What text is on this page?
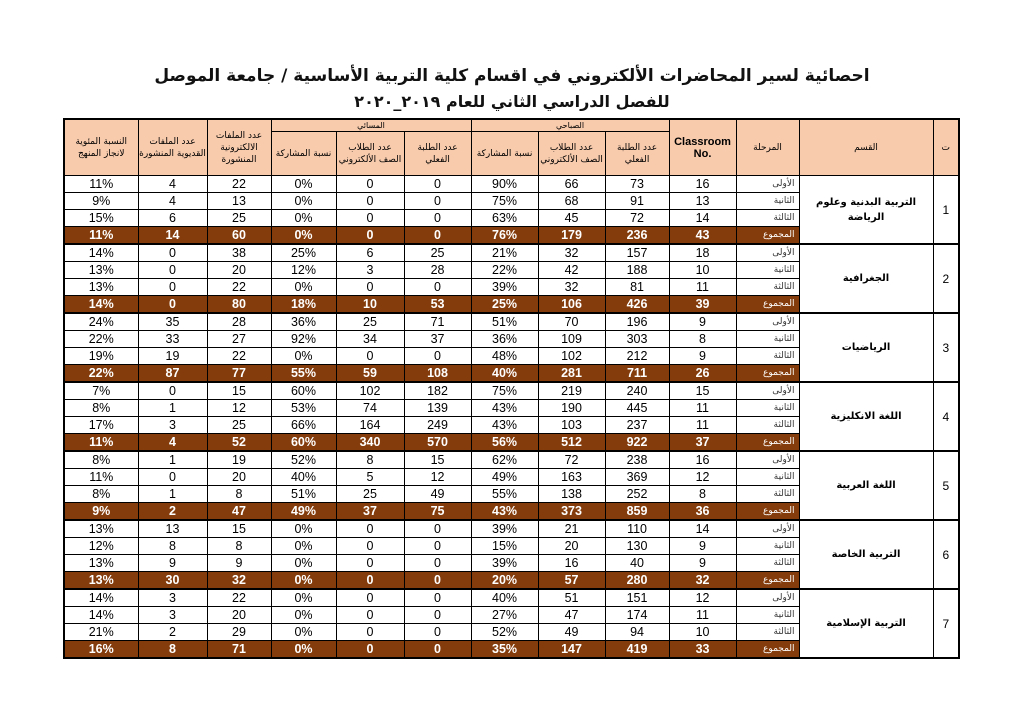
احصائية لسير المحاضرات الألكتروني في اقسام كلية التربية الأساسية / جامعة الموصل
للفصل الدراسي الثاني للعام ٢٠١٩_٢٠٢٠
النسبة المئوية لانجاز المنهج	عدد الملفات القديوية المنشورة	عدد الملفات الالكترونية المنشورة	المسائي			الصباحي			Classroom No.	المرحلة	القسم	ت
			نسبة المشاركة	عدد الطلاب الصف الألكتروني	عدد الطلبة الفعلي	نسبة المشاركة	عدد الطلاب الصف الألكتروني	عدد الطلبة الفعلي				
11%	4	22	0%	0	0	90%	66	73	16	الأولى	التربية البدنية وعلوم الرياضة	1
9%	4	13	0%	0	0	75%	68	91	13	الثانية		
15%	6	25	0%	0	0	63%	45	72	14	الثالثة		
11%	14	60	0%	0	0	76%	179	236	43	المجموع		
14%	0	38	25%	6	25	21%	32	157	18	الأولى	الجغرافية	2
13%	0	20	12%	3	28	22%	42	188	10	الثانية		
13%	0	22	0%	0	0	39%	32	81	11	الثالثة		
14%	0	80	18%	10	53	25%	106	426	39	المجموع		
24%	35	28	36%	25	71	51%	70	196	9	الأولى	الرياضيات	3
22%	33	27	92%	34	37	36%	109	303	8	الثانية		
19%	19	22	0%	0	0	48%	102	212	9	الثالثة		
22%	87	77	55%	59	108	40%	281	711	26	المجموع		
7%	0	15	60%	102	182	75%	219	240	15	الأولى	اللغة الانكليزية	4
8%	1	12	53%	74	139	43%	190	445	11	الثانية		
17%	3	25	66%	164	249	43%	103	237	11	الثالثة		
11%	4	52	60%	340	570	56%	512	922	37	المجموع		
8%	1	19	52%	8	15	62%	72	238	16	الأولى	اللغة العربية	5
11%	0	20	40%	5	12	49%	163	369	12	الثانية		
8%	1	8	51%	25	49	55%	138	252	8	الثالثة		
9%	2	47	49%	37	75	43%	373	859	36	المجموع		
13%	13	15	0%	0	0	39%	21	110	14	الأولى	التربية الخاصة	6
12%	8	8	0%	0	0	15%	20	130	9	الثانية		
13%	9	9	0%	0	0	39%	16	40	9	الثالثة		
13%	30	32	0%	0	0	20%	57	280	32	المجموع		
14%	3	22	0%	0	0	40%	51	151	12	الأولى	التربية الإسلامية	7
14%	3	20	0%	0	0	27%	47	174	11	الثانية		
21%	2	29	0%	0	0	52%	49	94	10	الثالثة		
16%	8	71	0%	0	0	35%	147	419	33	المجموع		
